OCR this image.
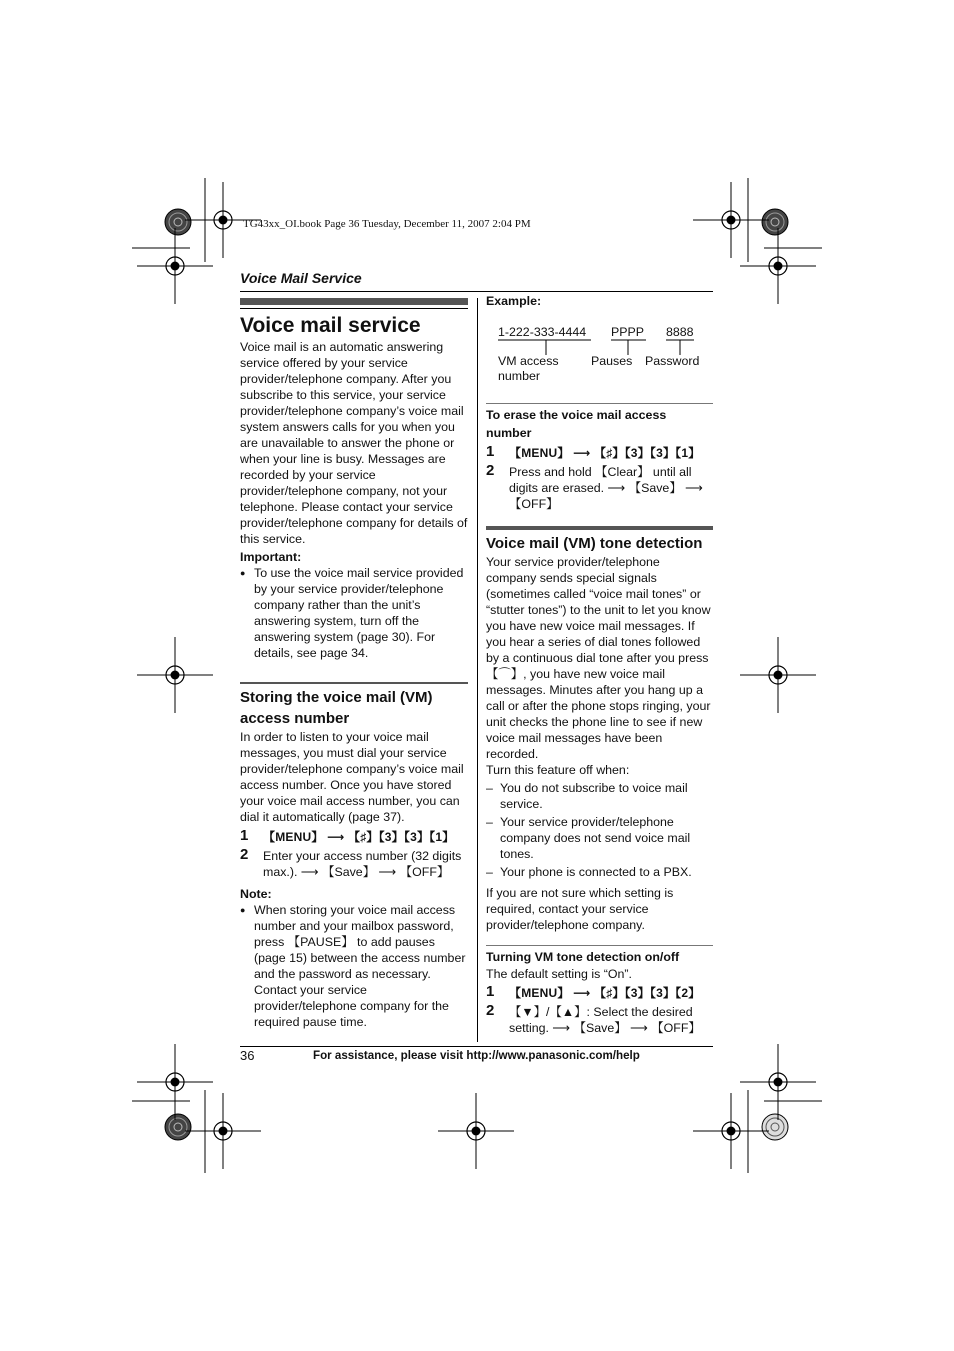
TG43xx_OI.book Page 36 Tuesday, December 11, 2007 2:04 PM
Voice Mail Service

Voice mail service

Voice mail is an automatic answering service offered by your service provider/telephone company. After you subscribe to this service, your service provider/telephone company’s voice mail system answers calls for you when you are unavailable to answer the phone or when your line is busy. Messages are recorded by your service provider/telephone company, not your telephone. Please contact your service provider/telephone company for details of this service.

Important:

● To use the voice mail service provided by your service provider/telephone company rather than the unit’s answering system, turn off the answering system (page 30). For details, see page 34.

Storing the voice mail (VM) access number

In order to listen to your voice mail messages, you must dial your service provider/telephone company’s voice mail access number. Once you have stored your voice mail access number, you can dial it automatically (page 37).

1 【MENU】 ⟶ 【♯】【3】【3】【1】
2 Enter your access number (32 digits max.). ⟶ 【Save】 ⟶ 【OFF】

Note:

● When storing your voice mail access number and your mailbox password, press 【PAUSE】 to add pauses (page 15) between the access number and the password as necessary. Contact your service provider/telephone company for the required pause time.

Example:
1-222-333-4444 PPPP 8888
VM access
number
Pauses Password

To erase the voice mail access number

1 【MENU】 ⟶ 【♯】【3】【3】【1】
2 Press and hold 【Clear】 until all digits are erased. ⟶ 【Save】 ⟶ 【OFF】

Voice mail (VM) tone detection

Your service provider/telephone company sends special signals (sometimes called “voice mail tones” or “stutter tones”) to the unit to let you know you have new voice mail messages. If you hear a series of dial tones followed by a continuous dial tone after you press 【⌒】, you have new voice mail messages. Minutes after you hang up a call or after the phone stops ringing, your unit checks the phone line to see if new voice mail messages have been recorded.

Turn this feature off when:

– You do not subscribe to voice mail service.
– Your service provider/telephone company does not send voice mail tones.
– Your phone is connected to a PBX.

If you are not sure which setting is required, contact your service provider/telephone company.

Turning VM tone detection on/off

The default setting is “On”.

1 【MENU】 ⟶ 【♯】【3】【3】【2】
2 【▼】/【▲】: Select the desired setting. ⟶ 【Save】 ⟶ 【OFF】
36	For assistance, please visit http://www.panasonic.com/help
